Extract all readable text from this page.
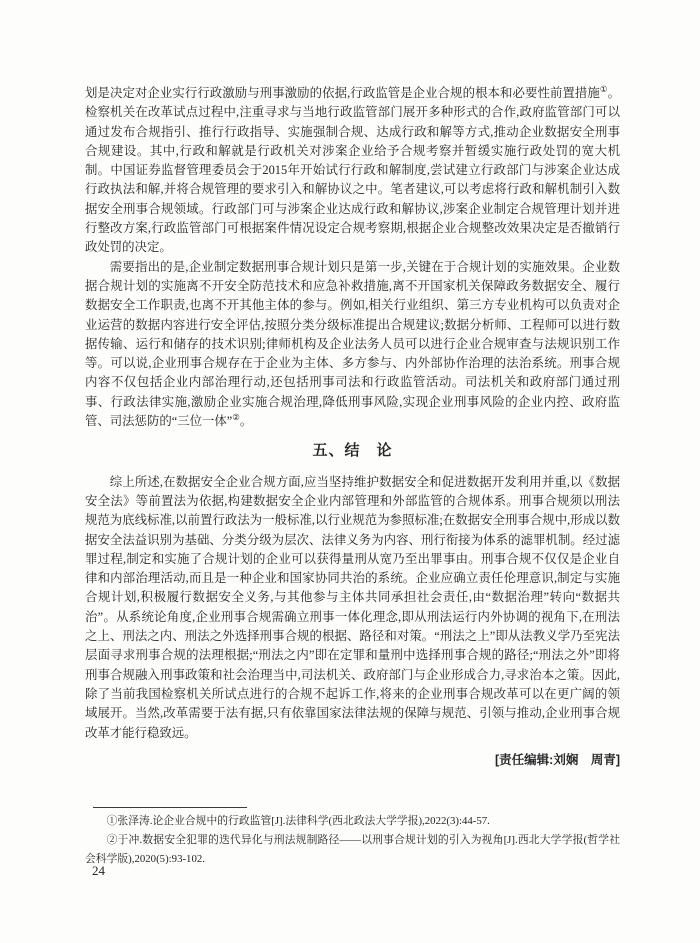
划是决定对企业实行行政激励与刑事激励的依据,行政监管是企业合规的根本和必要性前置措施①。检察机关在改革试点过程中,注重寻求与当地行政监管部门展开多种形式的合作,政府监管部门可以通过发布合规指引、推行行政指导、实施强制合规、达成行政和解等方式,推动企业数据安全刑事合规建设。其中,行政和解就是行政机关对涉案企业给予合规考察并暂缓实施行政处罚的宽大机制。中国证券监督管理委员会于2015年开始试行行政和解制度,尝试建立行政部门与涉案企业达成行政执法和解,并将合规管理的要求引入和解协议之中。笔者建议,可以考虑将行政和解机制引入数据安全刑事合规领域。行政部门可与涉案企业达成行政和解协议,涉案企业制定合规管理计划并进行整改方案,行政监管部门可根据案件情况设定合规考察期,根据企业合规整改效果决定是否撤销行政处罚的决定。

需要指出的是,企业制定数据刑事合规计划只是第一步,关键在于合规计划的实施效果。企业数据合规计划的实施离不开安全防范技术和应急补救措施,离不开国家机关保障政务数据安全、履行数据安全工作职责,也离不开其他主体的参与。例如,相关行业组织、第三方专业机构可以负责对企业运营的数据内容进行安全评估,按照分类分级标准提出合规建议;数据分析师、工程师可以进行数据传输、运行和储存的技术识别;律师机构及企业法务人员可以进行企业合规审查与法规识别工作等。可以说,企业刑事合规存在于企业为主体、多方参与、内外部协作治理的法治系统。刑事合规内容不仅包括企业内部治理行动,还包括刑事司法和行政监管活动。司法机关和政府部门通过刑事、行政法律实施,激励企业实施合规治理,降低刑事风险,实现企业刑事风险的企业内控、政府监管、司法惩防的“三位一体”②。

五、结　论

综上所述,在数据安全企业合规方面,应当坚持维护数据安全和促进数据开发利用并重,以《数据安全法》等前置法为依据,构建数据安全企业内部管理和外部监管的合规体系。刑事合规须以刑法规范为底线标准,以前置行政法为一般标准,以行业规范为参照标准;在数据安全刑事合规中,形成以数据安全法益识别为基础、分类分级为层次、法律义务为内容、刑行衔接为体系的滤罪机制。经过滤罪过程,制定和实施了合规计划的企业可以获得量刑从宽乃至出罪事由。刑事合规不仅仅是企业自律和内部治理活动,而且是一种企业和国家协同共治的系统。企业应确立责任伦理意识,制定与实施合规计划,积极履行数据安全义务,与其他参与主体共同承担社会责任,由“数据治理”转向“数据共治”。从系统论角度,企业刑事合规需确立刑事一体化理念,即从刑法运行内外协调的视角下,在刑法之上、刑法之内、刑法之外选择刑事合规的根据、路径和对策。“刑法之上”即从法教义学乃至宪法层面寻求刑事合规的法理根据;“刑法之内”即在定罪和量刑中选择刑事合规的路径;“刑法之外”即将刑事合规融入刑事政策和社会治理当中,司法机关、政府部门与企业形成合力,寻求治本之策。因此,除了当前我国检察机关所试点进行的合规不起诉工作,将来的企业刑事合规改革可以在更广阔的领域展开。当然,改革需要于法有据,只有依靠国家法律法规的保障与规范、引领与推动,企业刑事合规改革才能行稳致远。

[责任编辑:刘娴　周青]

①张泽涛.论企业合规中的行政监管[J].法律科学(西北政法大学学报),2022(3):44-57.

②于冲.数据安全犯罪的迭代异化与刑法规制路径——以刑事合规计划的引入为视角[J].西北大学学报(哲学社会科学版),2020(5):93-102.

24
